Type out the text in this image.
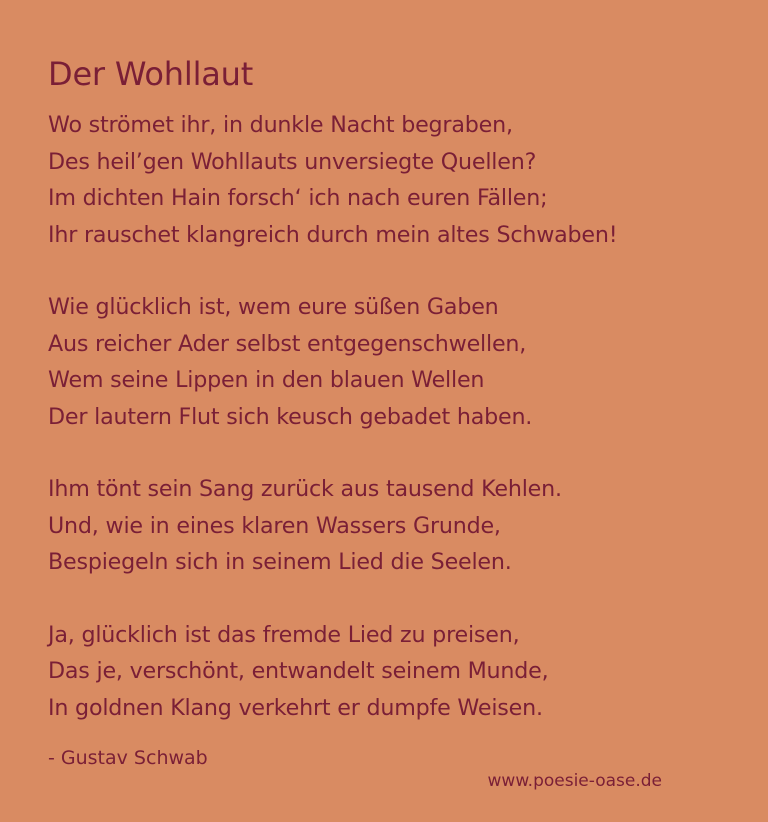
Der Wohllaut
Wo strömet ihr, in dunkle Nacht begraben,
Des heil’gen Wohllauts unversiegte Quellen?
Im dichten Hain forsch‘ ich nach euren Fällen;
Ihr rauschet klangreich durch mein altes Schwaben!
Wie glücklich ist, wem eure süßen Gaben
Aus reicher Ader selbst entgegenschwellen,
Wem seine Lippen in den blauen Wellen
Der lautern Flut sich keusch gebadet haben.
Ihm tönt sein Sang zurück aus tausend Kehlen.
Und, wie in eines klaren Wassers Grunde,
Bespiegeln sich in seinem Lied die Seelen.
Ja, glücklich ist das fremde Lied zu preisen,
Das je, verschönt, entwandelt seinem Munde,
In goldnen Klang verkehrt er dumpfe Weisen.
- Gustav Schwab
www.poesie-oase.de
